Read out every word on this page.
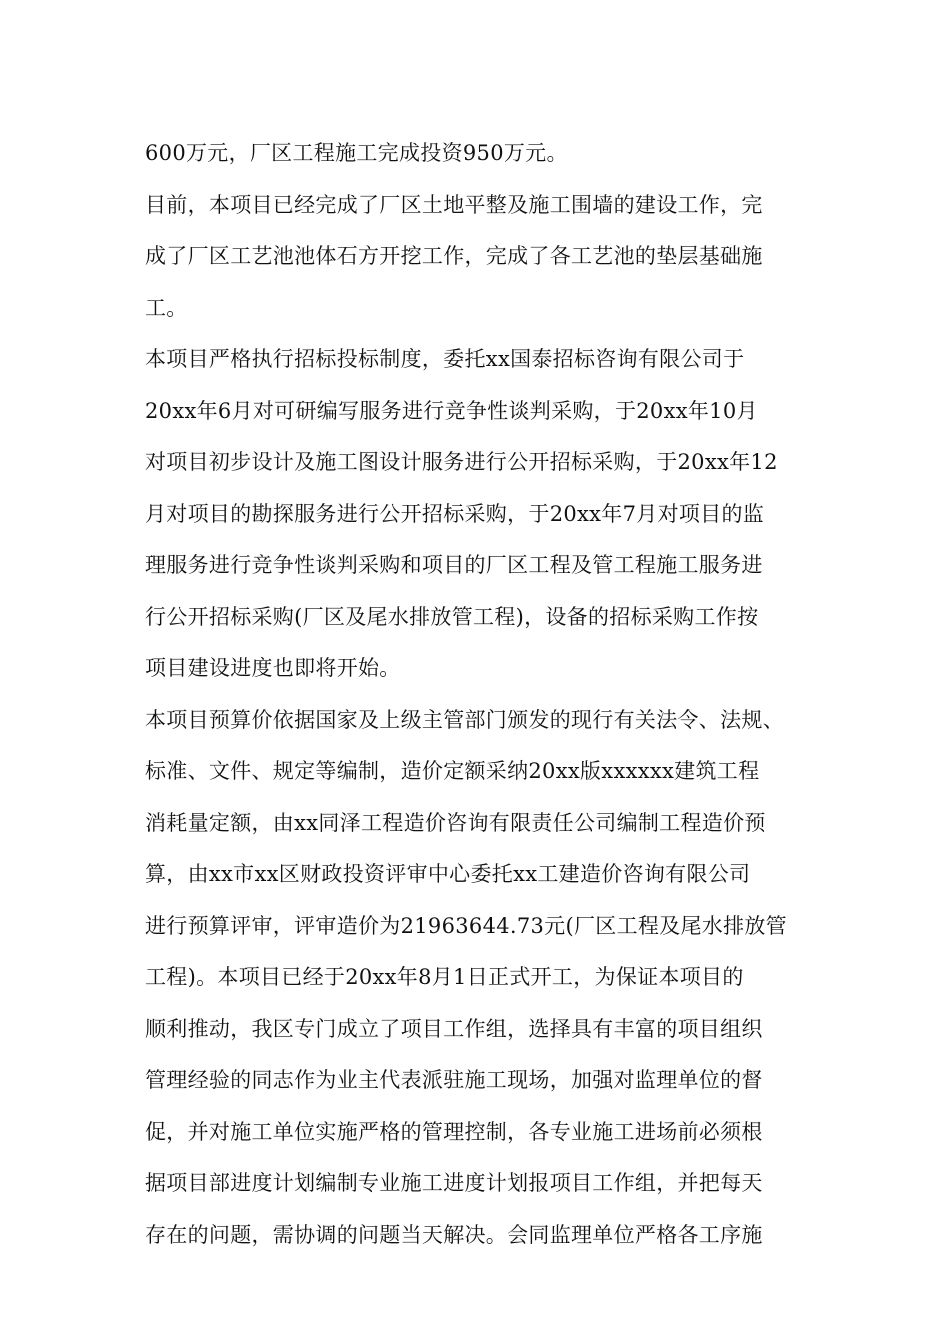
600万元，厂区工程施工完成投资950万元。
目前，本项目已经完成了厂区土地平整及施工围墙的建设工作，完
成了厂区工艺池池体石方开挖工作，完成了各工艺池的垫层基础施
工。
本项目严格执行招标投标制度，委托xx国泰招标咨询有限公司于
20xx年6月对可研编写服务进行竞争性谈判采购，于20xx年10月
对项目初步设计及施工图设计服务进行公开招标采购，于20xx年12
月对项目的勘探服务进行公开招标采购，于20xx年7月对项目的监
理服务进行竞争性谈判采购和项目的厂区工程及管工程施工服务进
行公开招标采购(厂区及尾水排放管工程)，设备的招标采购工作按
项目建设进度也即将开始。
本项目预算价依据国家及上级主管部门颁发的现行有关法令、法规、
标准、文件、规定等编制，造价定额采纳20xx版xxxxxx建筑工程
消耗量定额，由xx同泽工程造价咨询有限责任公司编制工程造价预
算，由xx市xx区财政投资评审中心委托xx工建造价咨询有限公司
进行预算评审，评审造价为21963644.73元(厂区工程及尾水排放管
工程)。本项目已经于20xx年8月1日正式开工，为保证本项目的
顺利推动，我区专门成立了项目工作组，选择具有丰富的项目组织
管理经验的同志作为业主代表派驻施工现场，加强对监理单位的督
促，并对施工单位实施严格的管理控制，各专业施工进场前必须根
据项目部进度计划编制专业施工进度计划报项目工作组，并把每天
存在的问题，需协调的问题当天解决。会同监理单位严格各工序施
